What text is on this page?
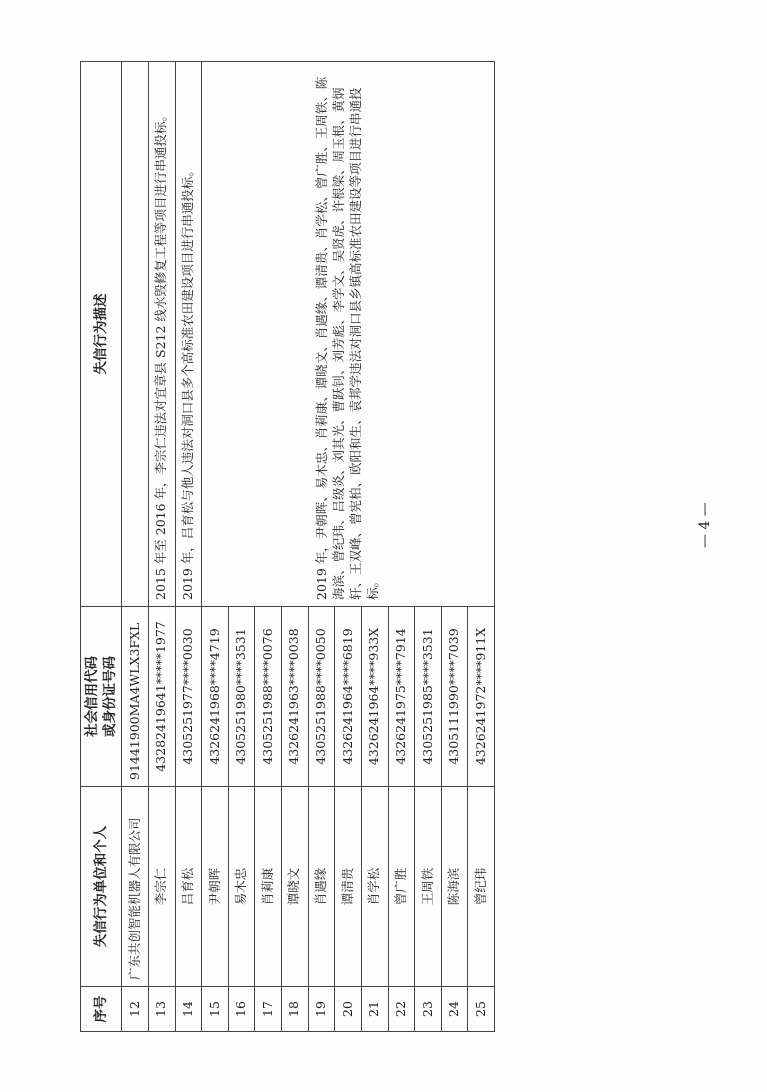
序号	失信行为单位和个人	社会信用代码 或身份证号码	失信行为描述
12	广东共创智能机器人有限公司	91441900MA4WLX3FXL	
13	李宗仁	43282419641*****1977	2015 年至 2016 年，李宗仁违法对宜章县 S212 线水毁修复工程等项目进行串通投标。
14	吕育松	4305251977****0030	2019 年，吕育松与他人违法对洞口县多个高标准农田建设项目进行串通投标。
15	尹朝晖	4326241968****4719	2019 年，尹朝晖、易木忠、肖莉康、谭晓文、肖遇缘、谭清贵、肖学松、曾广胜、王周铁、陈海滨、曾纪玮、吕级炎、刘其光、曹跃钊、刘芳彪、李学文、吴贤虎、许根梁、周玉根、黄炳轩、王双峰、曾宪柏、欧阳和生、袁邦学违法对洞口县乡镇高标准农田建设等项目进行串通投标。
16	易木忠	4305251980****3531	
17	肖莉康	4305251988****0076	
18	谭晓文	4326241963****0038	
19	肖遇缘	4305251988****0050	
20	谭清贵	4326241964****6819	
21	肖学松	4326241964****933X	
22	曾广胜	4326241975****7914	
23	王周铁	4305251985****3531	
24	陈海滨	4305111990****7039	
25	曾纪玮	4326241972****911X	
— 4 —
